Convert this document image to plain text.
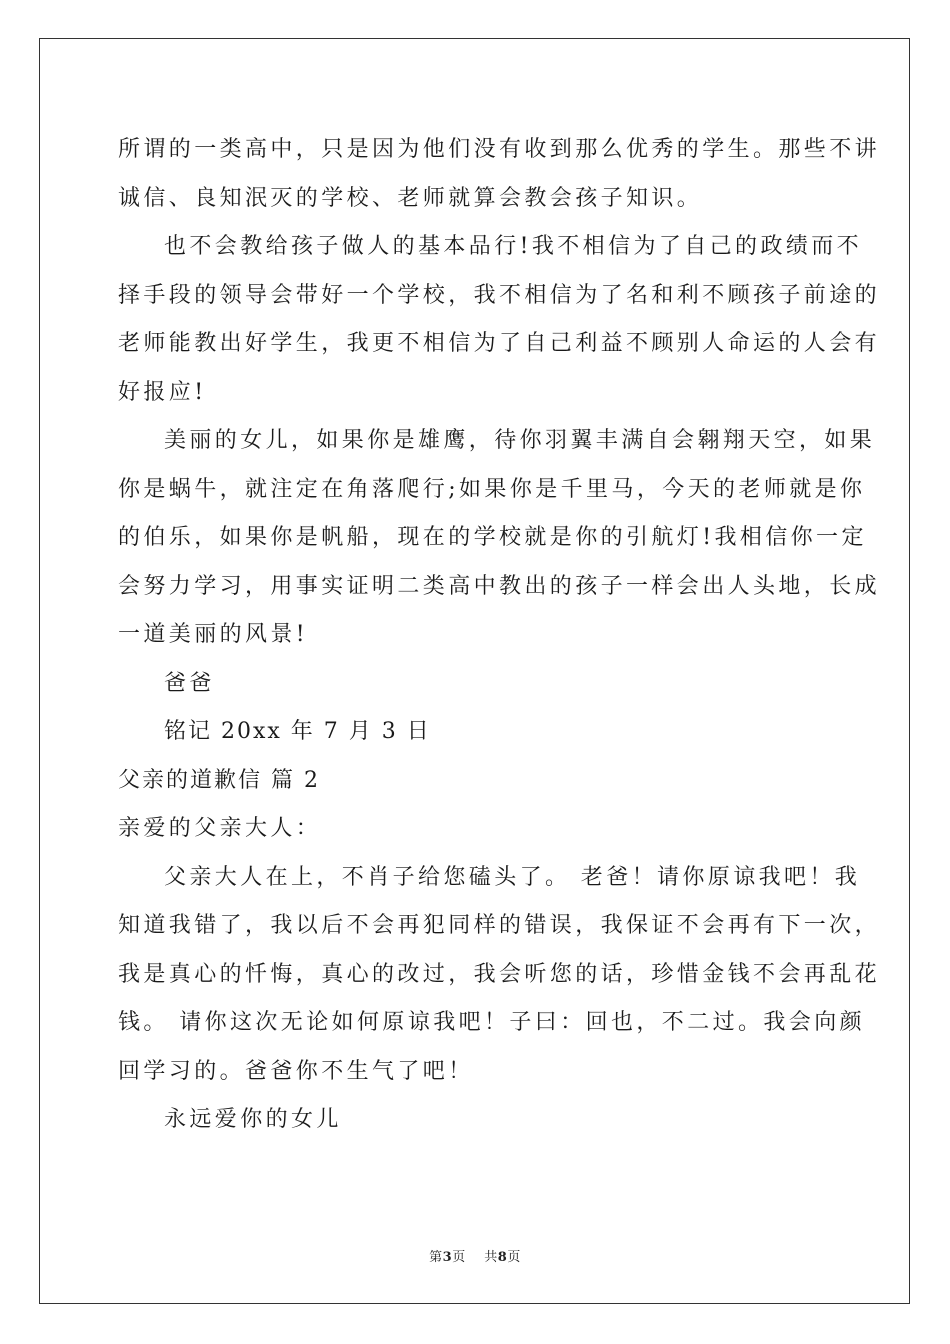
所谓的一类高中，只是因为他们没有收到那么优秀的学生。那些不讲
诚信、良知泯灭的学校、老师就算会教会孩子知识。
也不会教给孩子做人的基本品行!我不相信为了自己的政绩而不
择手段的领导会带好一个学校，我不相信为了名和利不顾孩子前途的
老师能教出好学生，我更不相信为了自己利益不顾别人命运的人会有
好报应!
美丽的女儿，如果你是雄鹰，待你羽翼丰满自会翱翔天空，如果
你是蜗牛，就注定在角落爬行;如果你是千里马，今天的老师就是你
的伯乐，如果你是帆船，现在的学校就是你的引航灯!我相信你一定
会努力学习，用事实证明二类高中教出的孩子一样会出人头地，长成
一道美丽的风景!
爸爸
铭记 20xx 年 7 月 3 日
父亲的道歉信 篇 2
亲爱的父亲大人：
父亲大人在上，不肖子给您磕头了。 老爸！请你原谅我吧！我
知道我错了，我以后不会再犯同样的错误，我保证不会再有下一次，
我是真心的忏悔，真心的改过，我会听您的话，珍惜金钱不会再乱花
钱。 请你这次无论如何原谅我吧！子曰：回也，不二过。我会向颜
回学习的。爸爸你不生气了吧！
永远爱你的女儿
第3页 共8页
